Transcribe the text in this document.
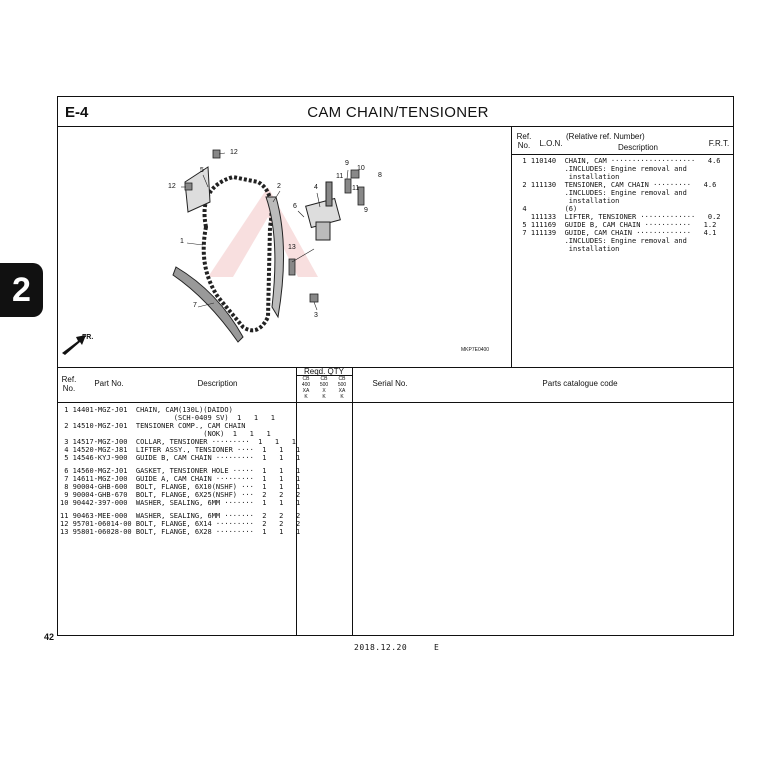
2
E-4	CAM CHAIN/TENSIONER
12
5
12	2
1
7
6
4
9
10
8
11
11
9
13
3
FR.
MKP7E0400
Ref.
No.	L.O.N.
(Relative ref. Number)
Description	F.R.T.
1 110140  CHAIN, CAM ····················   4.6
.INCLUDES: Engine removal and
installation
2 111130  TENSIONER, CAM CHAIN ·········   4.6
.INCLUDES: Engine removal and
installation
4         (6)
111133  LIFTER, TENSIONER ·············   0.2
5 111169  GUIDE B, CAM CHAIN ···········   1.2
7 111139  GUIDE, CAM CHAIN ·············   4.1
.INCLUDES: Engine removal and
installation
Ref.
No.
Part No.	Description
Reqd. QTY
CB
400
XA
K
CB
500
X
K
CB
500
XA
K
Serial No.	Parts catalogue code
1 14401-MGZ-J01  CHAIN, CAM(130L)(DAIDO)
(SCH-0409 SV)  1   1   1
2 14510-MGZ-J01  TENSIONER COMP., CAM CHAIN
(NOK)  1   1   1
3 14517-MGZ-J00  COLLAR, TENSIONER ·········  1   1   1
4 14520-MGZ-J81  LIFTER ASSY., TENSIONER ····  1   1   1
5 14546-KYJ-900  GUIDE B, CAM CHAIN ·········  1   1   1
6 14560-MGZ-J01  GASKET, TENSIONER HOLE ·····  1   1   1
7 14611-MGZ-J00  GUIDE A, CAM CHAIN ·········  1   1   1
8 90004-GHB-600  BOLT, FLANGE, 6X10(NSHF) ···  1   1   1
9 90004-GHB-670  BOLT, FLANGE, 6X25(NSHF) ···  2   2   2
10 90442-397-000  WASHER, SEALING, 6MM ·······  1   1   1
11 90463-MEE-000  WASHER, SEALING, 6MM ·······  2   2   2
12 95701-06014-00 BOLT, FLANGE, 6X14 ·········  2   2   2
13 95801-06028-00 BOLT, FLANGE, 6X28 ·········  1   1   1
42
2018.12.20	E
